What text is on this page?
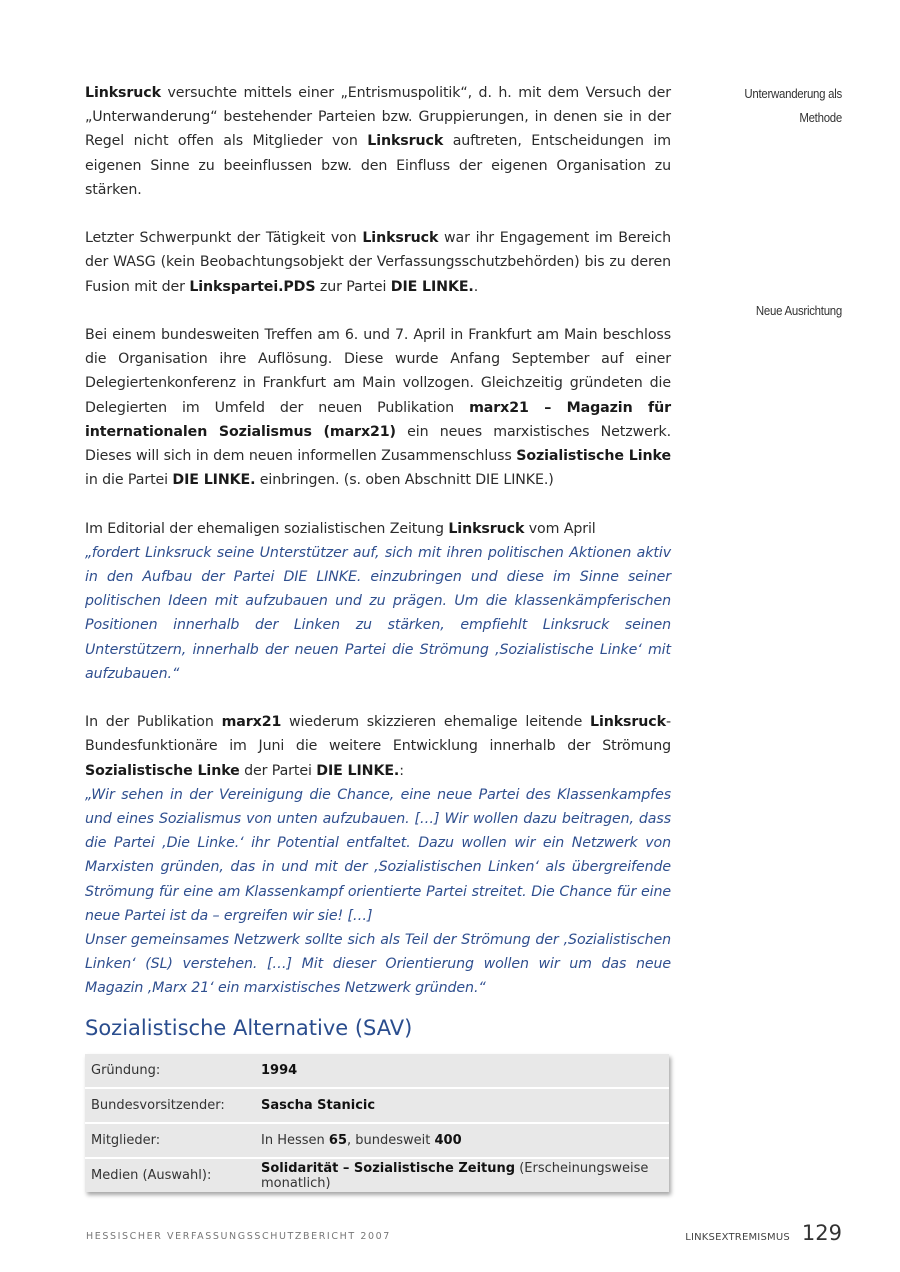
Linksruck versuchte mittels einer „Entrismuspolitik“, d. h. mit dem Versuch der „Unterwanderung“ bestehender Parteien bzw. Gruppierungen, in denen sie in der Regel nicht offen als Mitglieder von Linksruck auftreten, Entscheidungen im eigenen Sinne zu beeinflussen bzw. den Einfluss der eigenen Organisation zu stärken.

Letzter Schwerpunkt der Tätigkeit von Linksruck war ihr Engagement im Bereich der WASG (kein Beobachtungsobjekt der Verfassungsschutzbehörden) bis zu deren Fusion mit der Linkspartei.PDS zur Partei DIE LINKE..

Bei einem bundesweiten Treffen am 6. und 7. April in Frankfurt am Main beschloss die Organisation ihre Auflösung. Diese wurde Anfang September auf einer Delegiertenkonferenz in Frankfurt am Main vollzogen. Gleichzeitig gründeten die Delegierten im Umfeld der neuen Publikation marx21 – Magazin für internationalen Sozialismus (marx21) ein neues marxistisches Netzwerk. Dieses will sich in dem neuen informellen Zusammenschluss Sozialistische Linke in die Partei DIE LINKE. einbringen. (s. oben Abschnitt DIE LINKE.)

Im Editorial der ehemaligen sozialistischen Zeitung Linksruck vom April
„fordert Linksruck seine Unterstützer auf, sich mit ihren politischen Aktionen aktiv in den Aufbau der Partei DIE LINKE. einzubringen und diese im Sinne seiner politischen Ideen mit aufzubauen und zu prägen. Um die klassenkämpferischen Positionen innerhalb der Linken zu stärken, empfiehlt Linksruck seinen Unterstützern, innerhalb der neuen Partei die Strömung ‚Sozialistische Linke‘ mit aufzubauen.“
In der Publikation marx21 wiederum skizzieren ehemalige leitende Linksruck-Bundesfunktionäre im Juni die weitere Entwicklung innerhalb der Strömung Sozialistische Linke der Partei DIE LINKE.:
„Wir sehen in der Vereinigung die Chance, eine neue Partei des Klassenkampfes und eines Sozialismus von unten aufzubauen. […] Wir wollen dazu beitragen, dass die Partei ‚Die Linke.‘ ihr Potential entfaltet. Dazu wollen wir ein Netzwerk von Marxisten gründen, das in und mit der ‚Sozialistischen Linken‘ als übergreifende Strömung für eine am Klassenkampf orientierte Partei streitet. Die Chance für eine neue Partei ist da – ergreifen wir sie! […]
Unser gemeinsames Netzwerk sollte sich als Teil der Strömung der ‚Sozialistischen Linken‘ (SL) verstehen. […] Mit dieser Orientierung wollen wir um das neue Magazin ‚Marx 21‘ ein marxistisches Netzwerk gründen.“
Unterwanderung als Methode
Neue Ausrichtung
Sozialistische Alternative (SAV)
Gründung:	1994
Bundesvorsitzender:	Sascha Stanicic
Mitglieder:	In Hessen 65, bundesweit 400
Medien (Auswahl):	Solidarität – Sozialistische Zeitung (Erscheinungsweise monatlich)
HESSISCHER VERFASSUNGSSCHUTZBERICHT 2007	LINKSEXTREMISMUS 129
